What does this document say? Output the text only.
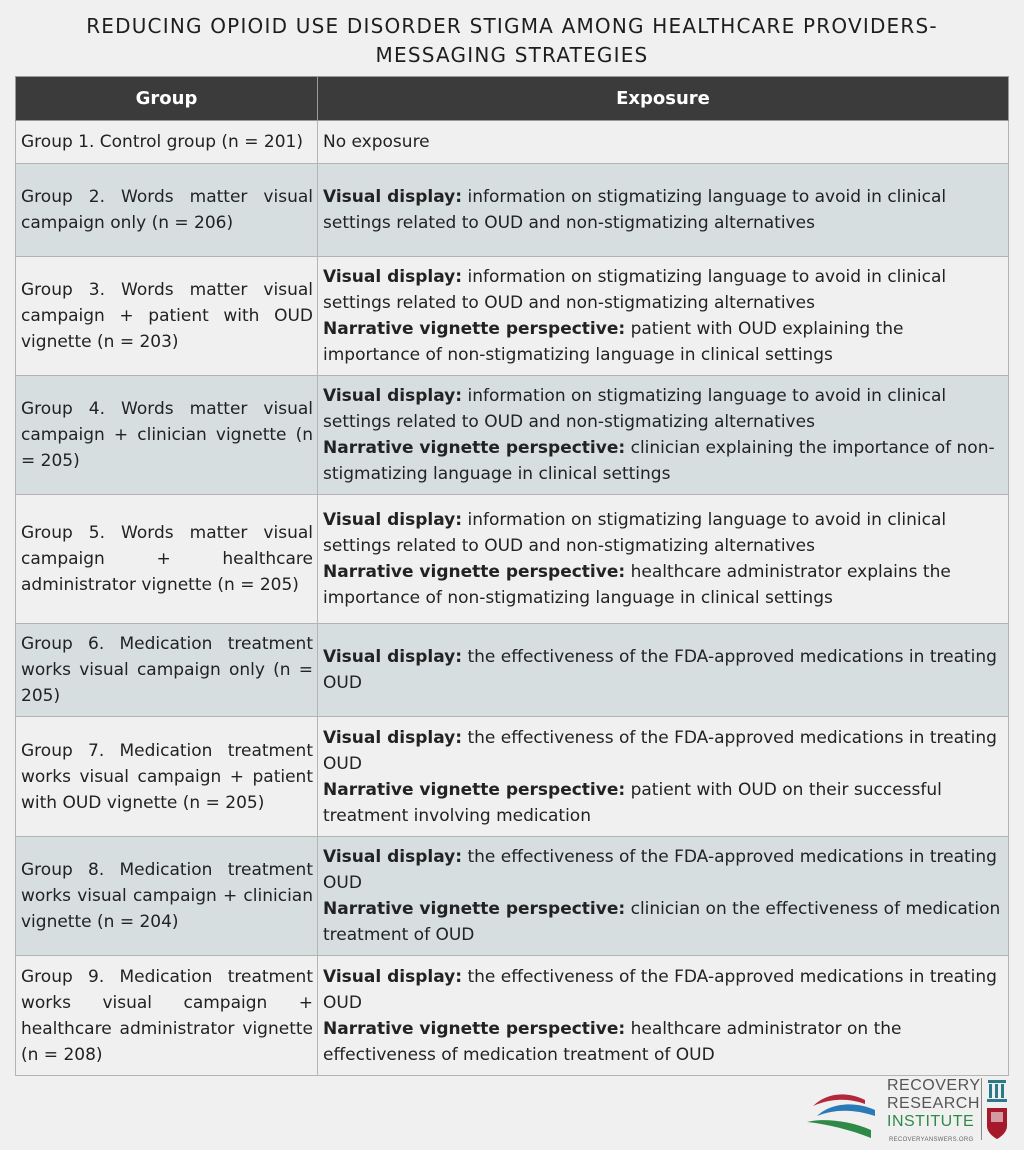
REDUCING OPIOID USE DISORDER STIGMA AMONG HEALTHCARE PROVIDERS-
MESSAGING STRATEGIES
Group	Exposure
Group 1. Control group (n = 201)	No exposure

Group 2. Words matter visual campaign only (n = 206)	Visual display: information on stigmatizing language to avoid in clinical settings related to OUD and non-stigmatizing alternatives

Group 3. Words matter visual campaign + patient with OUD vignette (n = 203)	Visual display: information on stigmatizing language to avoid in clinical settings related to OUD and non-stigmatizing alternatives
Narrative vignette perspective: patient with OUD explaining the importance of non-stigmatizing language in clinical settings

Group 4. Words matter visual campaign + clinician vignette (n = 205)	Visual display: information on stigmatizing language to avoid in clinical settings related to OUD and non-stigmatizing alternatives
Narrative vignette perspective: clinician explaining the importance of non-stigmatizing language in clinical settings

Group 5. Words matter visual campaign + healthcare administrator vignette (n = 205)	Visual display: information on stigmatizing language to avoid in clinical settings related to OUD and non-stigmatizing alternatives
Narrative vignette perspective: healthcare administrator explains the importance of non-stigmatizing language in clinical settings

Group 6. Medication treatment works visual campaign only (n = 205)	Visual display: the effectiveness of the FDA-approved medications in treating OUD

Group 7. Medication treatment works visual campaign + patient with OUD vignette (n = 205)	Visual display: the effectiveness of the FDA-approved medications in treating OUD
Narrative vignette perspective: patient with OUD on their successful treatment involving medication

Group 8. Medication treatment works visual campaign + clinician vignette (n = 204)	Visual display: the effectiveness of the FDA-approved medications in treating OUD
Narrative vignette perspective: clinician on the effectiveness of medication treatment of OUD

Group 9. Medication treatment works visual campaign + healthcare administrator vignette (n = 208)	Visual display: the effectiveness of the FDA-approved medications in treating OUD
Narrative vignette perspective: healthcare administrator on the effectiveness of medication treatment of OUD
RECOVERY
RESEARCH
INSTITUTE
RECOVERYANSWERS.ORG
